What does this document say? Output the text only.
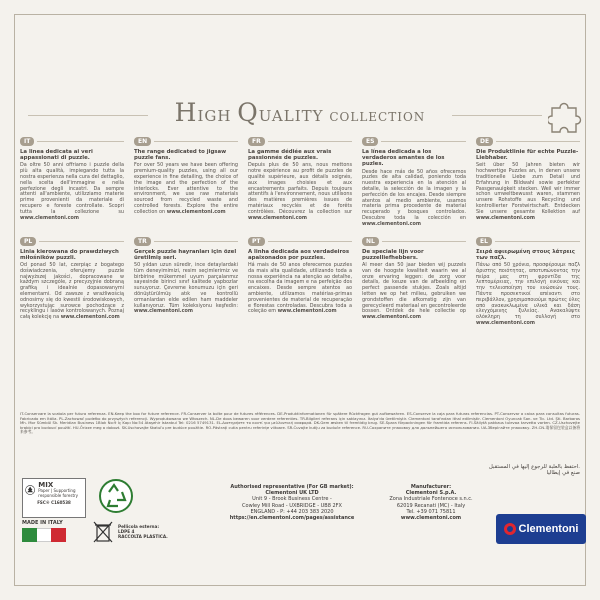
HIGH QUALITY COLLECTION
IT
La linea dedicata ai veri appassionati di puzzle.

Da oltre 50 anni offriamo i puzzle della più alta qualità, impiegando tutta la nostra esperienza nella cura del dettaglio, nella scelta dell'immagine e nella perfezione degli incastri. Da sempre attenti all'ambiente, utilizziamo materie prime provenienti da materiale di recupero e foreste controllate. Scopri tutta la collezione su www.clementoni.com

EN
The range dedicated to jigsaw puzzle fans.

For over 50 years we have been offering premium-quality puzzles, using all our experience in fine detailing, the choice of the image and the perfection of the interlocks. Ever attentive to the environment, we use raw materials sourced from recycled waste and controlled forests. Explore the entire collection on www.clementoni.com

FR
La gamme dédiée aux vrais passionnés de puzzles.

Depuis plus de 50 ans, nous mettons notre expérience au profit de puzzles de qualité supérieure, aux détails soignés, aux images choisies et aux encastrements parfaits. Depuis toujours attentifs à l'environnement, nous utilisons des matières premières issues de matériaux recyclés et de forêts contrôlées. Découvrez la collection sur www.clementoni.com

ES
La línea dedicada a los verdaderos amantes de los puzles.

Desde hace más de 50 años ofrecemos puzles de alta calidad, poniendo toda nuestra experiencia en la atención al detalle, la selección de la imagen y la perfección de los encajes. Desde siempre atentos al medio ambiente, usamos materia prima procedente de material recuperado y bosques controlados. Descubre toda la colección en www.clementoni.com

DE
Die Produktlinie für echte Puzzle-Liebhaber.

Seit über 50 Jahren bieten wir hochwertige Puzzles an, in denen unsere traditionelle Liebe zum Detail und Erfahrung in Bildwahl sowie perfekter Passgenauigkeit stecken. Weil wir immer schon umweltbewusst waren, stammen unsere Rohstoffe aus Recycling und kontrollierter Forstwirtschaft. Entdecken Sie unsere gesamte Kollektion auf www.clementoni.com

PL
Linia kierowana do prawdziwych miłośników puzzli.

Od ponad 50 lat, czerpiąc z bogatego doświadczenia, oferujemy puzzle najwyższej jakości, dopracowane w każdym szczególe, z precyzyjnie dobraną grafiką i idealnie dopasowanymi elementami. Od zawsze z wrażliwością odnosimy się do kwestii środowiskowych, wykorzystując surowce pochodzące z recyklingu i lasów kontrolowanych. Poznaj całą kolekcję na www.clementoni.com

TR
Gerçek puzzle hayranları için özel üretilmiş seri.

50 yıldan uzun süredir, ince detaylardaki tüm deneyimimizi, resim seçimlerimiz ve birbirine mükemmel uyum parçalarımız sayesinde birinci sınıf kalitede yapbozlar sunuyoruz. Çevreme konumuzu için geri dönüştürülmüş atık ve kontrollü ormanlardan elde edilen ham maddeler kullanıyoruz. Tüm koleksiyonu keşfedin: www.clementoni.com

PT
A linha dedicada aos verdadeiros apaixonados por puzzles.

Há mais de 50 anos oferecemos puzzles da mais alta qualidade, utilizando toda a nossa experiência na atenção ao detalhe, na escolha da imagem e na perfeição dos encaixes. Desde sempre atentos ao ambiente, utilizamos matérias-primas provenientes de material de recuperação e florestas controladas. Descubra toda a coleção em www.clementoni.com

NL
De speciale lijn voor puzzelliefhebbers.

Al meer dan 50 jaar bieden wij puzzels van de hoogste kwaliteit waarin we al onze ervaring leggen: de zorg voor details, de keuze van de afbeelding en perfect passende stukjes. Zoals altijd letten we op het milieu, gebruiken we grondstoffen die afkomstig zijn van gerecycleerd materiaal en gecontroleerde bossen. Ontdek de hele collectie op www.clementoni.com

EL
Σειρά αφιερωμένη στους λάτρεις των παζλ.

Πάνω από 50 χρόνια, προσφέρουμε παζλ άριστης ποιότητας, αποτυπώνοντας την πείρα μας στη φροντίδα της λεπτομέρειας, την επιλογή εικόνας και την τελειοποίηση του ενώσεών τους. Πάντα προσεκτικοί απέναντι στο περιβάλλον, χρησιμοποιούμε πρώτες ύλες από ανακυκλωμένα υλικά και δάση ελεγχόμενης ξυλείας. Ανακαλύψτε ολόκληρη τη συλλογή στο www.clementoni.com

IT-Conservare la scatola per futura referenza. EN-Keep the box for future reference. FR-Conserver la boîte pour de futures références. DE-Produktinformationen für spätere Rückfragen gut aufbewahren. ES-Conserve la caja para futuras referencias. PT-Conservar a caixa para consultas futuras. Fabricado em Itália. PL-Zachować pudełko do przyszłych referencji. Wyprodukowano we Włoszech. NL-De doos bewaren voor verdere referenties. TR-Bilgileri referans için saklayınız. İtalya'da üretilmiştir. Clementoni tarafından ithal edilmiştir. Clementoni Oyuncak San. ve Tic. Ltd. Şti. Barbaros Mh. Mor Sümbül Sk. Meridian Business 1Blok No:9 İç Kapı No:54 Ataşehir İstanbul Tel: 0216 5749131. EL-Διατηρήστε το κουτί για μελλοντική αναφορά. DK-Gem æsken til fremtidig brug. SE-Spara förpackningen för framtida referens. FI-Säilytä pakkaus tulevaa tarvetta varten. CZ-Uschovejte krabici pro budoucí použití. HU-Őrizze meg a dobozt. SK-Uschovajte škatuľu pre budúce použitie. RO-Păstrați cutia pentru referințe viitoare. SR-Čuvajte kutiju za buduće reference. RU-Сохраните упаковку для дальнейшего использования. UA-Зберігайте упаковку. ZH-CN-请保留包装盒以备将来参考。
احتفظ بالعلبة للرجوع إليها في المستقبل.
صنع في إيطاليا
MIX
Paper | Supporting responsible forestry
FSC® C160538
MADE IN ITALY
Pellicola esterna:
LDPE 4
RACCOLTA PLASTICA.
Authorised representative (For GB market):
Clementoni UK LTD
Unit 9 - Brook Business Centre -
Cowley Mill Road - UXBRIDGE - UB8 2FX
ENGLAND - P: +44 203 383 2020
https://en.clementoni.com/pages/assistance
Manufacturer:
Clementoni S.p.A.
Zona Industriale Fontenoce s.n.c.
62019 Recanati (MC) - Italy
Tel. +39 071 75811
www.clementoni.com
Clementoni
